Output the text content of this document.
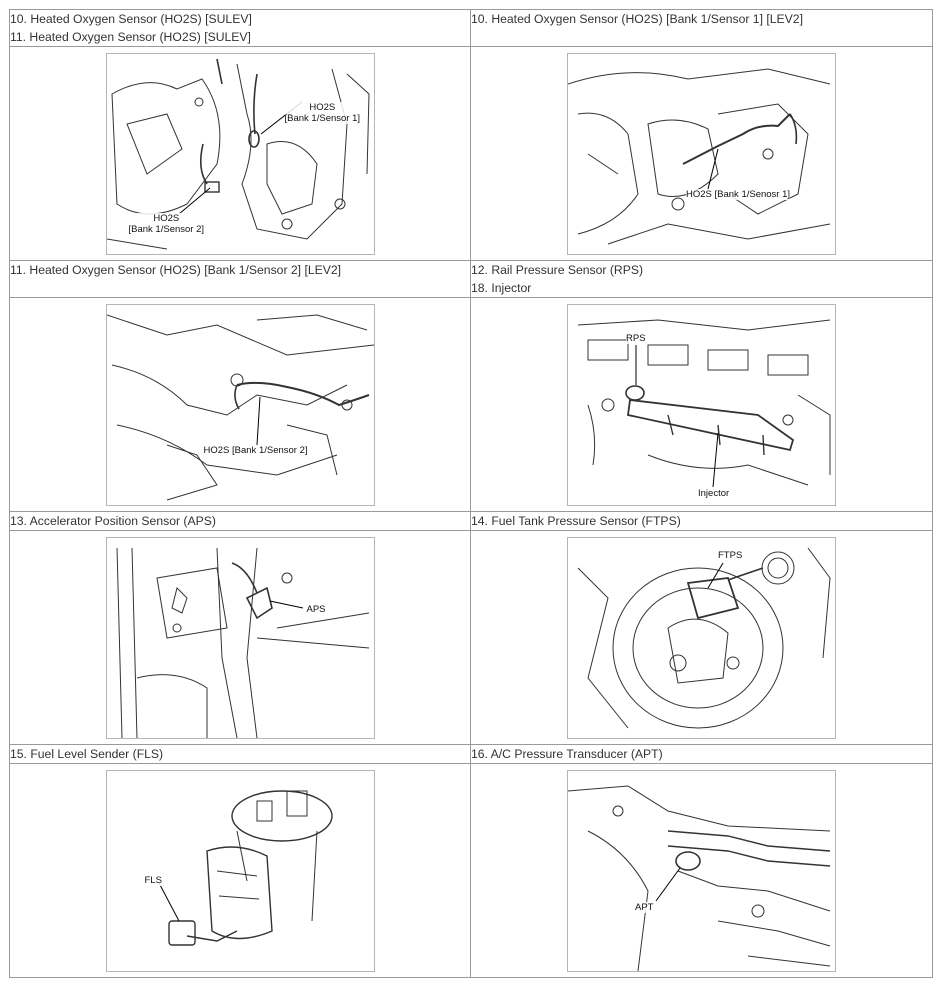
10. Heated Oxygen Sensor (HO2S) [SULEV]
11. Heated Oxygen Sensor (HO2S) [SULEV]	10. Heated Oxygen Sensor (HO2S) [Bank 1/Sensor 1] [LEV2]

HO2S
[Bank 1/Sensor 1]
HO2S
[Bank 1/Sensor 2]	HO2S [Bank 1/Senosr 1]

11. Heated Oxygen Sensor (HO2S) [Bank 1/Sensor 2] [LEV2]	12. Rail Pressure Sensor (RPS)
18. Injector

HO2S [Bank 1/Sensor 2]	RPS
Injector

13. Accelerator Position Sensor (APS)	14. Fuel Tank Pressure Sensor (FTPS)

APS	FTPS

15. Fuel Level Sender (FLS)	16. A/C Pressure Transducer (APT)

FLS	APT
